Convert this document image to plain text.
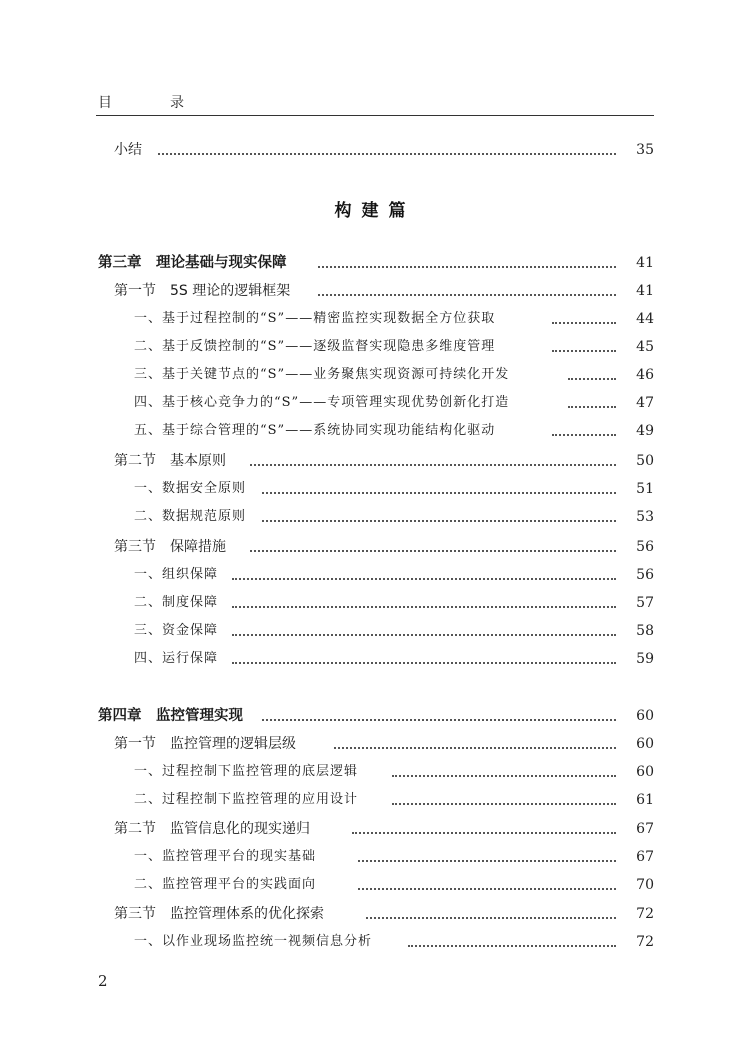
目　录
小结	35
构建篇
第三章　理论基础与现实保障	41
第一节　5S 理论的逻辑框架	41
一、基于过程控制的“S”——精密监控实现数据全方位获取	44
二、基于反馈控制的“S”——逐级监督实现隐患多维度管理	45
三、基于关键节点的“S”——业务聚焦实现资源可持续化开发	46
四、基于核心竞争力的“S”——专项管理实现优势创新化打造	47
五、基于综合管理的“S”——系统协同实现功能结构化驱动	49
第二节　基本原则	50
一、数据安全原则	51
二、数据规范原则	53
第三节　保障措施	56
一、组织保障	56
二、制度保障	57
三、资金保障	58
四、运行保障	59
第四章　监控管理实现	60
第一节　监控管理的逻辑层级	60
一、过程控制下监控管理的底层逻辑	60
二、过程控制下监控管理的应用设计	61
第二节　监管信息化的现实递归	67
一、监控管理平台的现实基础	67
二、监控管理平台的实践面向	70
第三节　监控管理体系的优化探索	72
一、以作业现场监控统一视频信息分析	72
2
